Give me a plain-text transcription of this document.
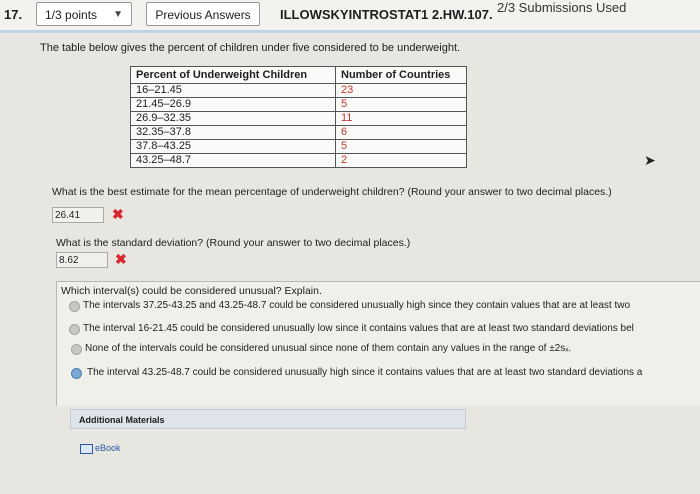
17.	1/3 points ▼	Previous Answers	ILLOWSKYINTROSTAT1 2.HW.107. 2/3 Submissions Used
The table below gives the percent of children under five considered to be underweight.
Percent of Underweight Children	Number of Countries
16–21.45	23
21.45–26.9	5
26.9–32.35	11
32.35–37.8	6
37.8–43.25	5
43.25–48.7	2	➤
What is the best estimate for the mean percentage of underweight children? (Round your answer to two decimal places.)
26.41	✖
What is the standard deviation? (Round your answer to two decimal places.)
8.62	✖
Which interval(s) could be considered unusual? Explain.
The intervals 37.25-43.25 and 43.25-48.7 could be considered unusually high since they contain values that are at least two
The interval 16-21.45 could be considered unusually low since it contains values that are at least two standard deviations bel
None of the intervals could be considered unusual since none of them contain any values in the range of ±2sₓ.
The interval 43.25-48.7 could be considered unusually high since it contains values that are at least two standard deviations a
Additional Materials
eBook
